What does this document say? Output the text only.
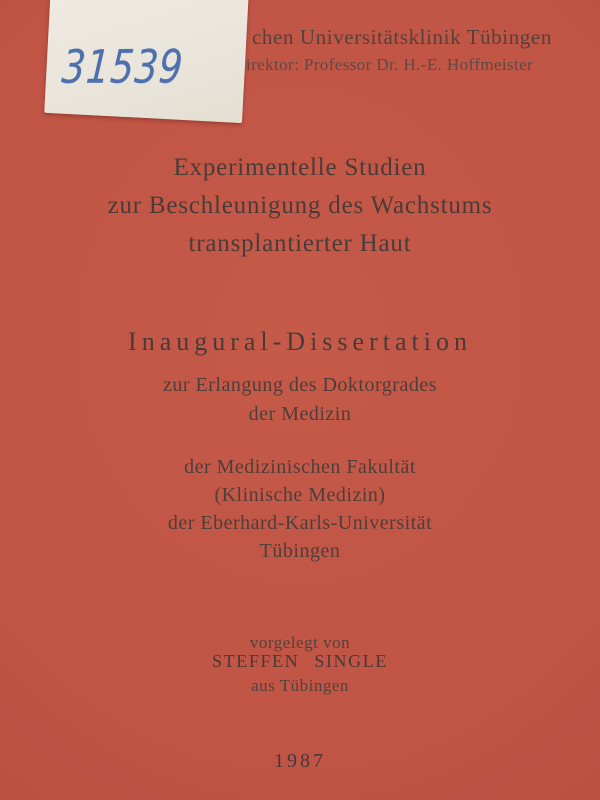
chen Universitätsklinik Tübingen
irektor: Professor Dr. H.-E. Hoffmeister
Experimentelle Studien
zur Beschleunigung des Wachstums
transplantierter Haut
Inaugural-Dissertation
zur Erlangung des Doktorgrades
der Medizin
der Medizinischen Fakultät
(Klinische Medizin)
der Eberhard-Karls-Universität
Tübingen
vorgelegt von
STEFFEN SINGLE
aus Tübingen
1987
31539
